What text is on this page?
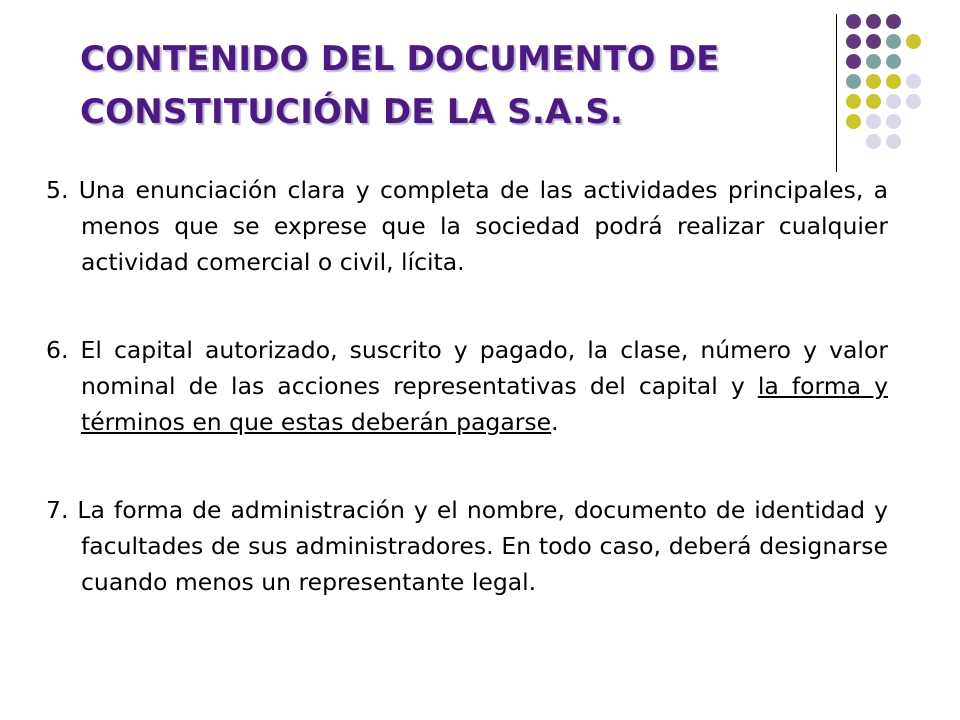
CONTENIDO DEL DOCUMENTO DE
CONSTITUCIÓN DE LA S.A.S.

5. Una enunciación clara y completa de las actividades principales, a menos que se exprese que la sociedad podrá realizar cualquier actividad comercial o civil, lícita.

6. El capital autorizado, suscrito y pagado, la clase, número y valor nominal de las acciones representativas del capital y la forma y términos en que estas deberán pagarse.

7. La forma de administración y el nombre, documento de identidad y facultades de sus administradores. En todo caso, deberá designarse cuando menos un representante legal.
